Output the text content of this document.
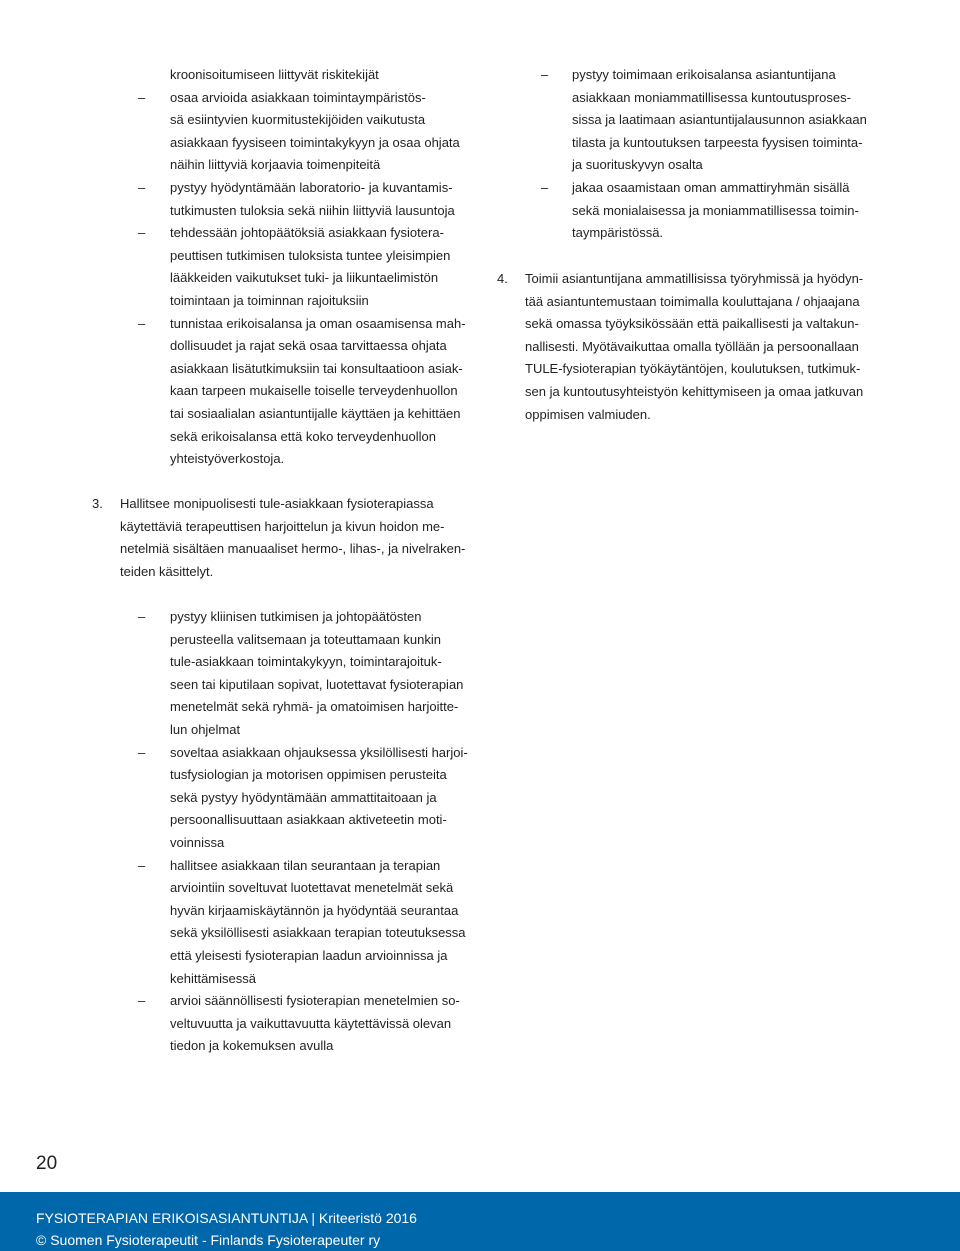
kroonisoitumiseen liittyvät riskitekijät
– osaa arvioida asiakkaan toimintaympäristös-
sä esiintyvien kuormitustekijöiden vaikutusta
asiakkaan fyysiseen toimintakykyyn ja osaa ohjata
näihin liittyviä korjaavia toimenpiteitä
– pystyy hyödyntämään laboratorio- ja kuvantamis-
tutkimusten tuloksia sekä niihin liittyviä lausuntoja
– tehdessään johtopäätöksiä asiakkaan fysiotera-
peuttisen tutkimisen tuloksista tuntee yleisimpien
lääkkeiden vaikutukset tuki- ja liikuntaelimistön
toimintaan ja toiminnan rajoituksiin
– tunnistaa erikoisalansa ja oman osaamisensa mah-
dollisuudet ja rajat sekä osaa tarvittaessa ohjata
asiakkaan lisätutkimuksiin tai konsultaatioon asiak-
kaan tarpeen mukaiselle toiselle terveydenhuollon
tai sosiaalialan asiantuntijalle käyttäen ja kehittäen
sekä erikoisalansa että koko terveydenhuollon
yhteistyöverkostoja.
– pystyy toimimaan erikoisalansa asiantuntijana
asiakkaan moniammatillisessa kuntoutusproses-
sissa ja laatimaan asiantuntijalausunnon asiakkaan
tilasta ja kuntoutuksen tarpeesta fyysisen toiminta-
ja suorituskyvyn osalta
– jakaa osaamistaan oman ammattiryhmän sisällä
sekä monialaisessa ja moniammatillisessa toimin-
taympäristössä.
4. Toimii asiantuntijana ammatillisissa työryhmissä ja hyödyn-
tää asiantuntemustaan toimimalla kouluttajana / ohjaajana
sekä omassa työyksikössään että paikallisesti ja valtakun-
nallisesti. Myötävaikuttaa omalla työllään ja persoonallaan
TULE-fysioterapian työkäytäntöjen, koulutuksen, tutkimuk-
sen ja kuntoutusyhteistyön kehittymiseen ja omaa jatkuvan
oppimisen valmiuden.
3. Hallitsee monipuolisesti tule-asiakkaan fysioterapiassa
käytettäviä terapeuttisen harjoittelun ja kivun hoidon me-
netelmiä sisältäen manuaaliset hermo-, lihas-, ja nivelraken-
teiden käsittelyt.
– pystyy kliinisen tutkimisen ja johtopäätösten
perusteella valitsemaan ja toteuttamaan kunkin
tule-asiakkaan toimintakykyyn, toimintarajoituk-
seen tai kiputilaan sopivat, luotettavat fysioterapian
menetelmät sekä ryhmä- ja omatoimisen harjoitte-
lun ohjelmat
– soveltaa asiakkaan ohjauksessa yksilöllisesti harjoi-
tusfysiologian ja motorisen oppimisen perusteita
sekä pystyy hyödyntämään ammattitaitoaan ja
persoonallisuuttaan asiakkaan aktiveteetin moti-
voinnissa
– hallitsee asiakkaan tilan seurantaan ja terapian
arviointiin soveltuvat luotettavat menetelmät sekä
hyvän kirjaamiskäytännön ja hyödyntää seurantaa
sekä yksilöllisesti asiakkaan terapian toteutuksessa
että yleisesti fysioterapian laadun arvioinnissa ja
kehittämisessä
– arvioi säännöllisesti fysioterapian menetelmien so-
veltuvuutta ja vaikuttavuutta käytettävissä olevan
tiedon ja kokemuksen avulla
20
FYSIOTERAPIAN ERIKOISASIANTUNTIJA | Kriteeristö 2016
© Suomen Fysioterapeutit - Finlands Fysioterapeuter ry
